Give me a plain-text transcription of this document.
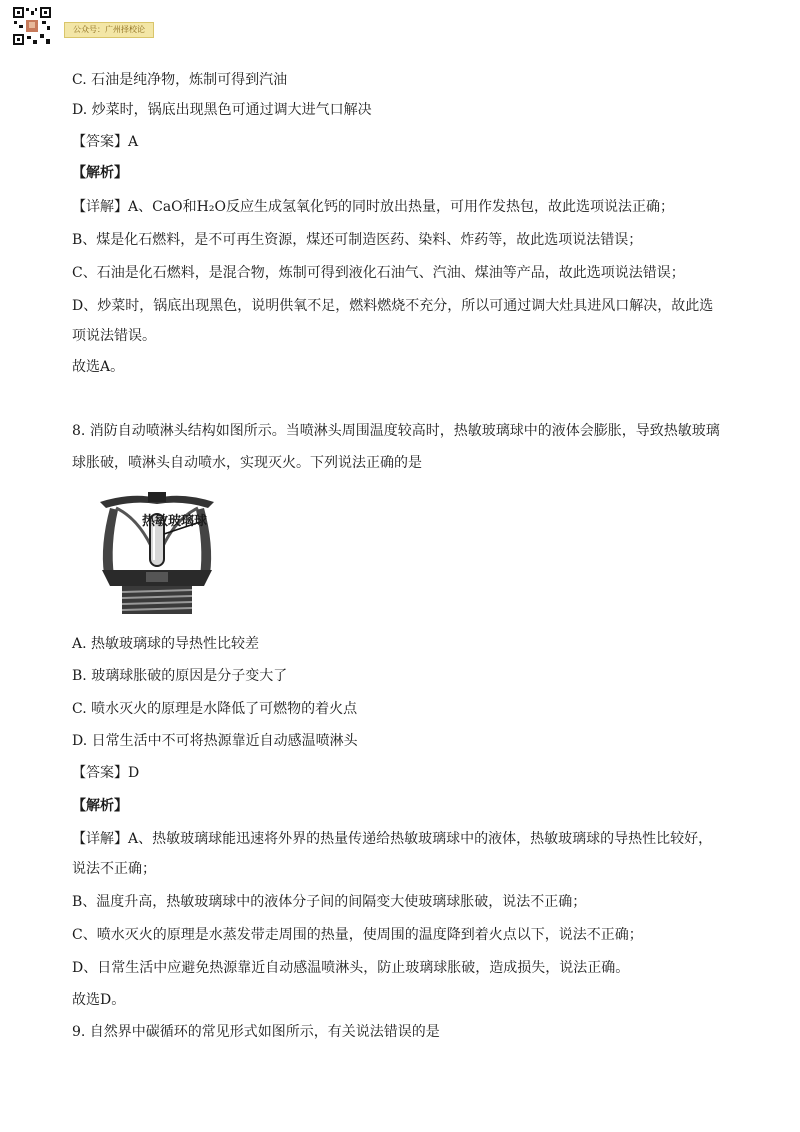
公众号：广州择校论
C. 石油是纯净物，炼制可得到汽油
D. 炒菜时，锅底出现黑色可通过调大进气口解决
【答案】A
【解析】
【详解】A、CaO和H₂O反应生成氢氧化钙的同时放出热量，可用作发热包，故此选项说法正确；
B、煤是化石燃料，是不可再生资源，煤还可制造医药、染料、炸药等，故此选项说法错误；
C、石油是化石燃料，是混合物，炼制可得到液化石油气、汽油、煤油等产品，故此选项说法错误；
D、炒菜时，锅底出现黑色，说明供氧不足，燃料燃烧不充分，所以可通过调大灶具进风口解决，故此选
项说法错误。
故选A。
8. 消防自动喷淋头结构如图所示。当喷淋头周围温度较高时，热敏玻璃球中的液体会膨胀，导致热敏玻璃
球胀破，喷淋头自动喷水，实现灭火。下列说法正确的是
热敏玻璃球
A. 热敏玻璃球的导热性比较差
B. 玻璃球胀破的原因是分子变大了
C. 喷水灭火的原理是水降低了可燃物的着火点
D. 日常生活中不可将热源靠近自动感温喷淋头
【答案】D
【解析】
【详解】A、热敏玻璃球能迅速将外界的热量传递给热敏玻璃球中的液体，热敏玻璃球的导热性比较好，
说法不正确；
B、温度升高，热敏玻璃球中的液体分子间的间隔变大使玻璃球胀破，说法不正确；
C、喷水灭火的原理是水蒸发带走周围的热量，使周围的温度降到着火点以下，说法不正确；
D、日常生活中应避免热源靠近自动感温喷淋头，防止玻璃球胀破，造成损失，说法正确。
故选D。
9. 自然界中碳循环的常见形式如图所示，有关说法错误的是
